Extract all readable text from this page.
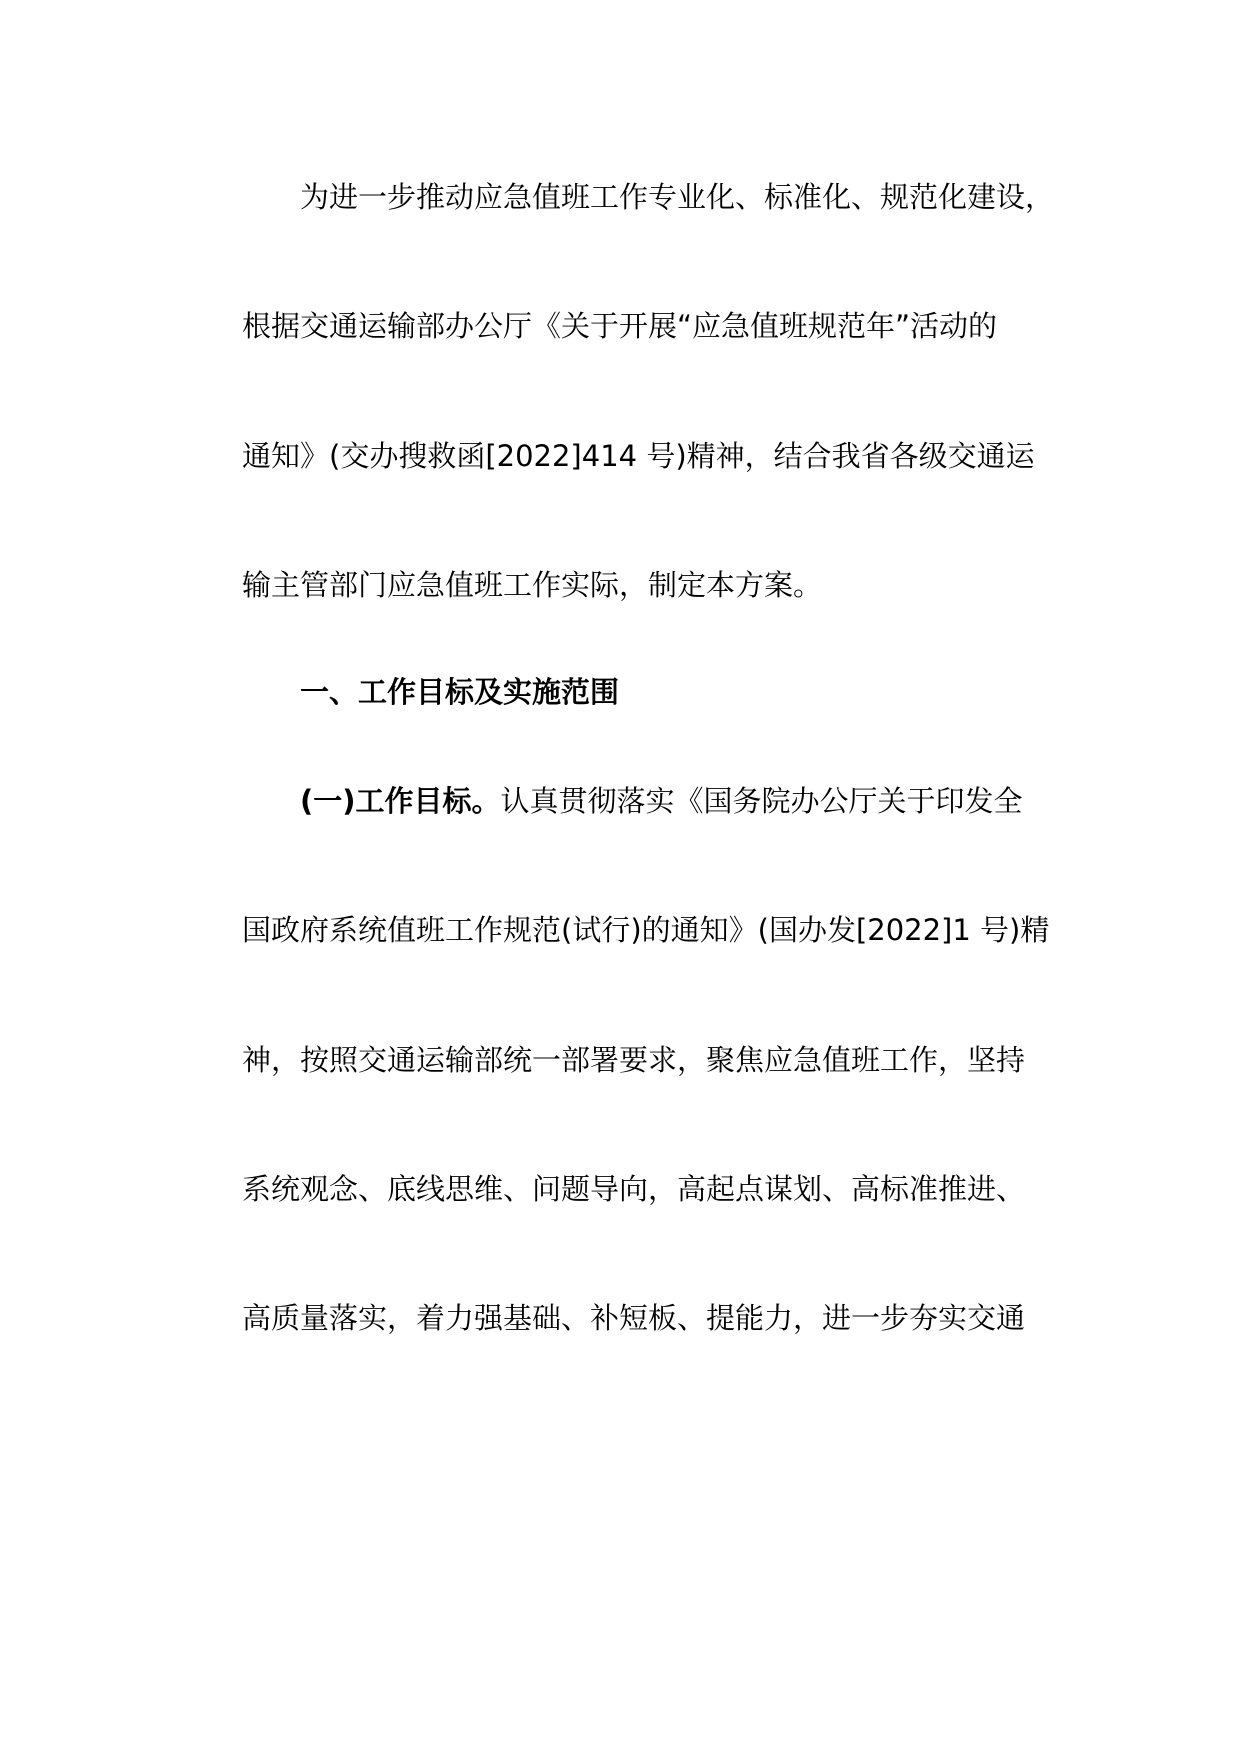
为进一步推动应急值班工作专业化、标准化、规范化建设，
根据交通运输部办公厅《关于开展“应急值班规范年”活动的
通知》(交办搜救函[2022]414 号)精神，结合我省各级交通运
输主管部门应急值班工作实际，制定本方案。
一、工作目标及实施范围
(一)工作目标。认真贯彻落实《国务院办公厅关于印发全
国政府系统值班工作规范(试行)的通知》(国办发[2022]1 号)精
神，按照交通运输部统一部署要求，聚焦应急值班工作，坚持
系统观念、底线思维、问题导向，高起点谋划、高标准推进、
高质量落实，着力强基础、补短板、提能力，进一步夯实交通
